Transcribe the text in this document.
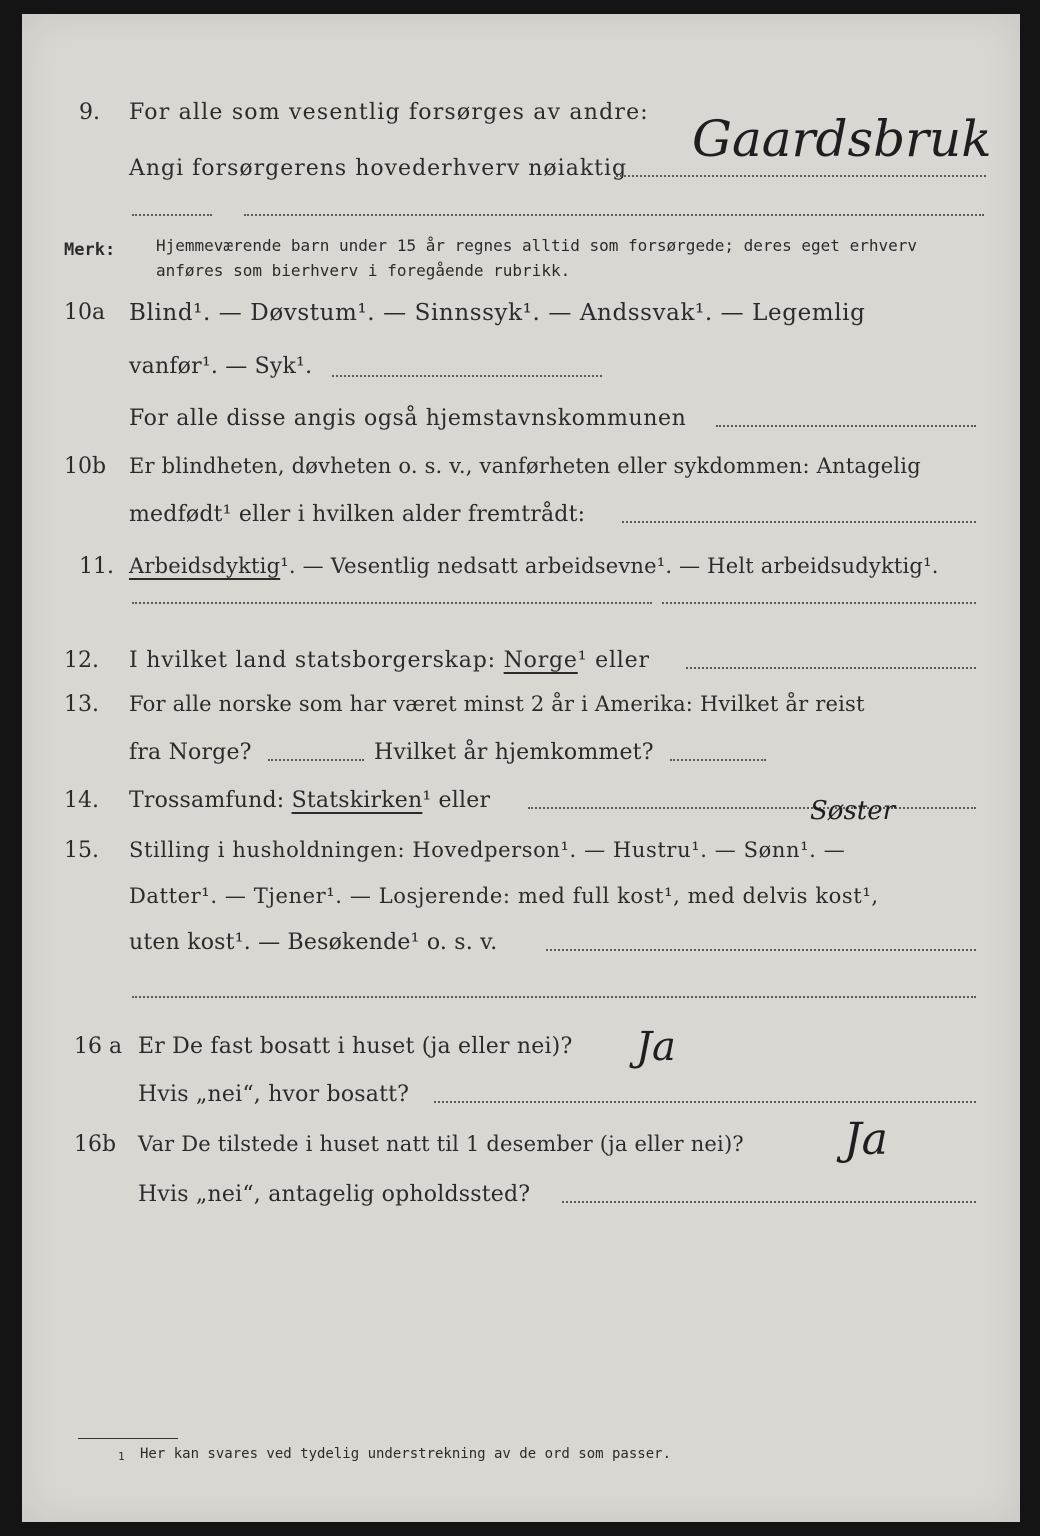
9. For alle som vesentlig forsørges av andre:
Angi forsørgerens hovederhverv nøiaktig
Gaardsbruk
Merk:	Hjemmeværende barn under 15 år regnes alltid som forsørgede; deres eget erhverv
anføres som bierhverv i foregående rubrikk.
10a Blind¹. — Døvstum¹. — Sinnssyk¹. — Andssvak¹. — Legemlig
vanfør¹. — Syk¹.
For alle disse angis også hjemstavnskommunen
10b Er blindheten, døvheten o. s. v., vanførheten eller sykdommen: Antagelig
medfødt¹ eller i hvilken alder fremtrådt:
11. Arbeidsdyktig¹. — Vesentlig nedsatt arbeidsevne¹. — Helt arbeidsudyktig¹.
12. I hvilket land statsborgerskap: Norge¹ eller
13. For alle norske som har været minst 2 år i Amerika: Hvilket år reist
fra Norge?	Hvilket år hjemkommet?
14. Trossamfund: Statskirken¹ eller	Søster
15. Stilling i husholdningen: Hovedperson¹. — Hustru¹. — Sønn¹. —
Datter¹. — Tjener¹. — Losjerende: med full kost¹, med delvis kost¹,
uten kost¹. — Besøkende¹ o. s. v.
16 a Er De fast bosatt i huset (ja eller nei)? Ja
Hvis „nei“, hvor bosatt?
16b Var De tilstede i huset natt til 1 desember (ja eller nei)? Ja
Hvis „nei“, antagelig opholdssted?
1 Her kan svares ved tydelig understrekning av de ord som passer.
